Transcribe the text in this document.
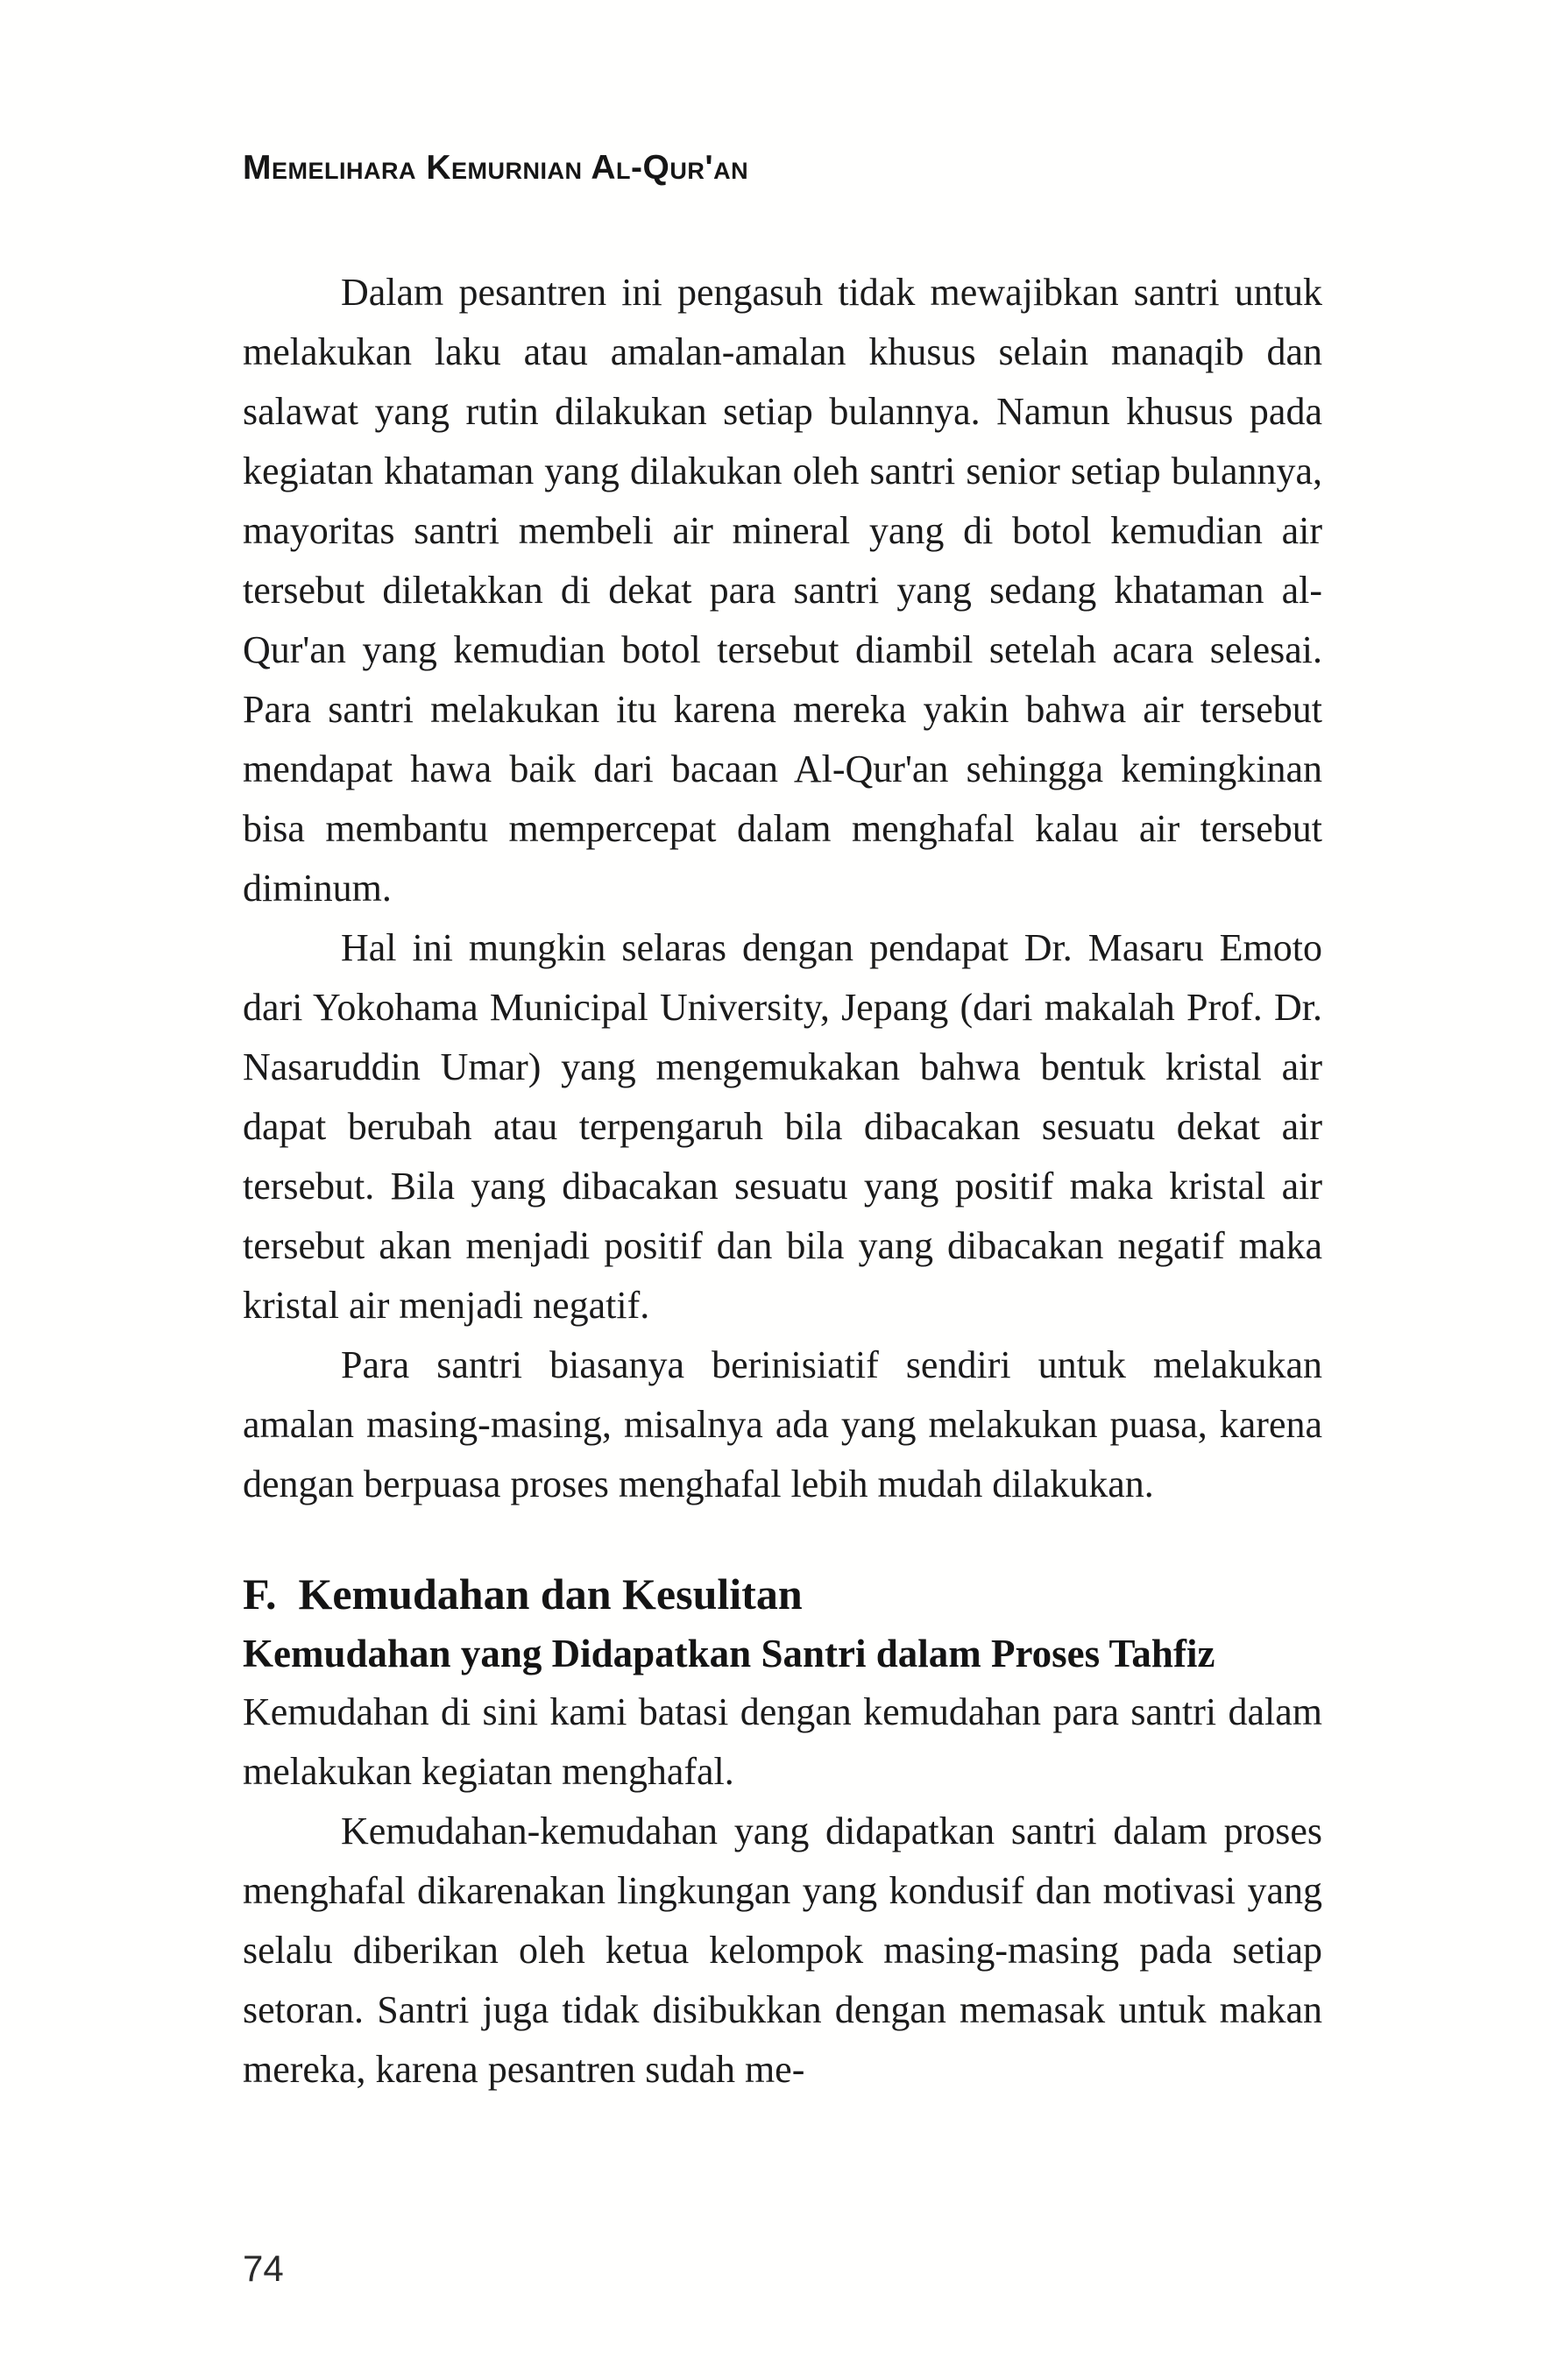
Memelihara Kemurnian Al-Qur'an

Dalam pesantren ini pengasuh tidak mewajibkan santri untuk melakukan laku atau amalan-amalan khusus selain manaqib dan salawat yang rutin dilakukan setiap bulannya. Namun khusus pada kegiatan khataman yang dilakukan oleh santri senior setiap bulannya, mayoritas santri membeli air mineral yang di botol kemudian air tersebut diletakkan di dekat para santri yang sedang khataman al-Qur'an yang kemudian botol tersebut diambil setelah acara selesai. Para santri melakukan itu karena mereka yakin bahwa air tersebut mendapat hawa baik dari bacaan Al-Qur'an sehingga kemingkinan bisa membantu mempercepat dalam menghafal kalau air tersebut diminum.

Hal ini mungkin selaras dengan pendapat Dr. Masaru Emoto dari Yokohama Municipal University, Jepang (dari makalah Prof. Dr. Nasaruddin Umar) yang mengemukakan bahwa bentuk kristal air dapat berubah atau terpengaruh bila dibacakan sesuatu dekat air tersebut. Bila yang dibacakan sesuatu yang positif maka kristal air tersebut akan menjadi positif dan bila yang dibacakan negatif maka kristal air menjadi negatif.

Para santri biasanya berinisiatif sendiri untuk melakukan amalan masing-masing, misalnya ada yang melakukan puasa, karena dengan berpuasa proses menghafal lebih mudah dilakukan.

F. Kemudahan dan Kesulitan
Kemudahan yang Didapatkan Santri dalam Proses Tahfiz

Kemudahan di sini kami batasi dengan kemudahan para santri dalam melakukan kegiatan menghafal.

Kemudahan-kemudahan yang didapatkan santri dalam proses menghafal dikarenakan lingkungan yang kondusif dan motivasi yang selalu diberikan oleh ketua kelompok masing-masing pada setiap setoran. Santri juga tidak disibukkan dengan memasak untuk makan mereka, karena pesantren sudah me-

74
